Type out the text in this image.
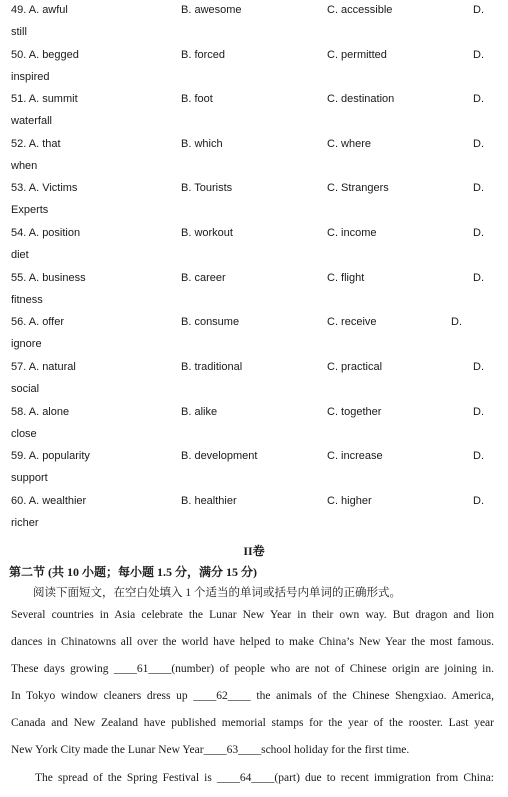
49. A. awful	B. awesome	C. accessible	D.
still
50. A. begged	B. forced	C. permitted	D.
inspired
51. A. summit	B. foot	C. destination	D.
waterfall
52. A. that	B. which	C. where	D.
when
53. A. Victims	B. Tourists	C. Strangers	D.
Experts
54. A. position	B. workout	C. income	D.
diet
55. A. business	B. career	C. flight	D.
fitness
56. A. offer	B. consume	C. receive	D.
ignore
57. A. natural	B. traditional	C. practical	D.
social
58. A. alone	B. alike	C. together	D.
close
59. A. popularity	B. development	C. increase	D.
support
60. A. wealthier	B. healthier	C. higher	D.
richer
II卷
第二节 (共 10 小题；每小题 1.5 分，满分 15 分)
阅读下面短文，在空白处填入 1 个适当的单词或括号内单词的正确形式。
Several countries in Asia celebrate the Lunar New Year in their own way. But dragon and lion
dances in Chinatowns all over the world have helped to make China’s New Year the most famous.
These days growing ____61____(number) of people who are not of Chinese origin are joining in.
In Tokyo window cleaners dress up ____62____ the animals of the Chinese Shengxiao. America,
Canada and New Zealand have published memorial stamps for the year of the rooster. Last year
New York City made the Lunar New Year____63____school holiday for the first time.
The spread of the Spring Festival is ____64____(part) due to recent immigration from China:
